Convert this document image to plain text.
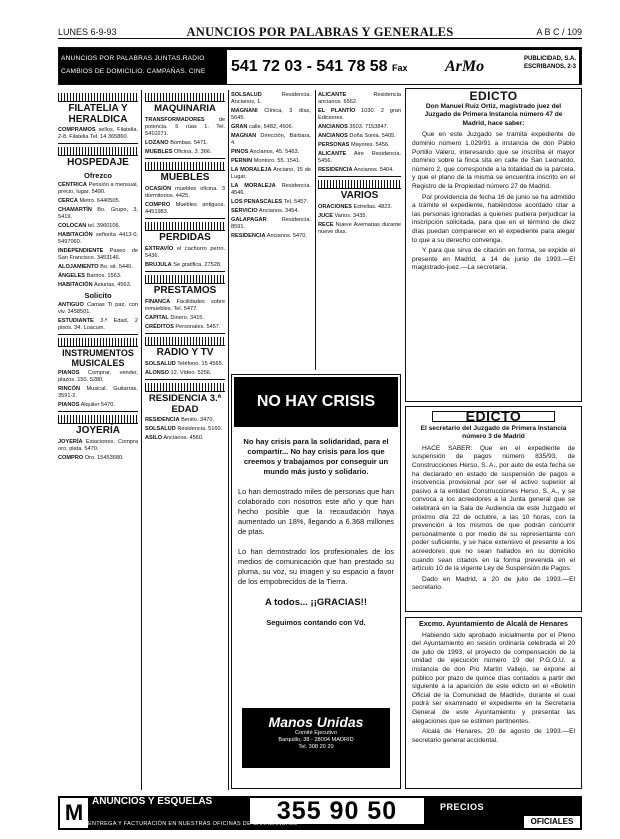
LUNES 6-9-93	ANUNCIOS POR PALABRAS Y GENERALES	A B C / 109
ANUNCIOS POR PALABRAS JUNTAS.RADIO
CAMBIOS DE DOMICILIO. CAMPAÑAS. CINE	541 72 03 - 541 78 58 Fax	ArMo	PUBLICIDAD, S.A. ESCRIBANOS, 2-3
FILATELIA Y HERALDICA
COMPRAMOS sellos, Filatelia. 2-8. Filatelia Tel. 14 365860.
HOSPEDAJE
Ofrezco
CÉNTRICA Pensión a mensual, precio, lugar. 5490.
CERCA Metro. 6440505.
CHAMARTÍN Bo. Grupo, 3, 5419.
COLOCAN tel. 3960106.
HABITACIÓN señorita 4413-0, 5497060.
INDEPENDIENTE Paseo de San Francisco. 3453146.
ALOJAMIENTO Bo. sit. 5440.
ÁNGELES Barrios. 1563.
HABITACIÓN Asturias, 4563.
Solicito
ANTIGUO Camas Ti paz, con viv. 3458501.
ESTUDIANTE 3.ª Edad, 2 pisos. 34. Loacum.
INSTRUMENTOS MUSICALES
PIANOS Comprar, vender, plazos. 150. 5280.
RINCÓN Musical. Guitarras. 3591-2.
PIANOS Alquiler 5470.
JOYERÍA
JOYERÍA Estaciones. Compra oro, plata. 5470.
COMPRO Oro. 15453680.
MAQUINARIA
TRANSFORMADORES	de potencia. 5 rúas 1. Tel. 5410271.
LOZANO Bombas. 5471.
MUEBLES Oficina. 3. 366.
MUEBLES
OCASIÓN muebles oficina. 3 dormitorios. 4425.
COMPRO Muebles antiguos. 4451983.
PERDIDAS
EXTRAVÍO el cachorro perro. 5436.
BRUJULA Se gratifica. 27528.
PRESTAMOS
FINANCA Facilidades sobre inmuebles. Tel. 5477.
CAPITAL Dinero. 3415.
CRÉDITOS Personales. 5457.
RADIO Y TV
SOLSALUD Teléfono. 15 4565.
ALONSO 12. Vídeo. 5256.
RESIDENCIA 3.ª EDAD
RESIDENCIA Benito. 3470.
SOLSALUD Residencia. 5160.
ASILO Ancianos. 4560.
SOLSALUD	Residencia. Ancianos, 1.
MAGNANI Clínica, 3 días, 5645.
GRAN calle, 5482, 4506.
MAGNAN Dirección, Bárbara, 4.
PINOS Ancianos, 45. 5463.
PERNIN Montoro. 55. 1541.
LA MORALEJA Anciano, 15 de Lugar.
LA MORALEJA Residencia. 4546.
LOS PENASCALES Tel. 5457.
SERVICIO Ancianos. 3454.
GALAPAGAR	Residencia. 8591.
RESIDENCIA Ancianos. 5470.
ALICANTE	Residencia ancianos. 6562.
EL PLANTÍO 1030. 2 gran Ediciones.
ANCIANOS 3503. 7153847.
ANCIANOS Doña Sonia. 5405.
PERSONAS Mayores. 5456.
ALICANTE Aire Residencia. 5456.
RESIDENCIA Ancianos. 5404.
VARIOS
ORACIONES Estrellas. 4823.
JUCE Varios. 3435.
RECE Nueve Avemarias durante nueve días.
NO HAY CRISIS
No hay crisis para la solidaridad, para el compartir... No hay crisis para los que creemos y trabajamos por conseguir un mundo más justo y solidario.
Lo han demostrado miles de personas que han colaborado con nosotros este año y que han hecho posible que la recaudación haya aumentado un 18%, llegando a 6.368 millones de ptas.
Lo han demostrado los profesionales de los medios de comunicación que han prestado su pluma, su voz, su imagen y su espacio a favor de los empobrecidos de la Tierra.
A todos... ¡¡GRACIAS!!
Seguimos contando con Vd.
Manos Unidas
Comité Ejecutivo
Barquillo, 38 - 28004 MADRID
Tel. 308 20 20
EDICTO
Don Manuel Ruiz Ortiz, magistrado juez del Juzgado de Primera Instancia número 47 de Madrid, hace saber:

Que en este Juzgado se tramita expediente de dominio número 1.029/91 a instancia de don Pablo Portillo Valero, interesando que se inscriba el mayor dominio sobre la finca sita en calle de San Leonardo, número 2, que corresponde a la totalidad de la parcela, y que el plano de la misma se encuentra inscrito en el Registro de la Propiedad número 27 de Madrid.

Por providencia de fecha 16 de junio se ha admitido a trámite el expediente, habiéndose acordado citar a las personas ignoradas a quienes pudiera perjudicar la inscripción solicitada, para que en el término de diez días puedan comparecer en el expediente para alegar lo que a su derecho convenga.

Y para que sirva de citación en forma, se expide el presente en Madrid, a 14 de junio de 1993.—El magistrado-juez.—La secretaria.

EDICTO
El secretario del Juzgado de Primera Instancia número 3 de Madrid

HACE SABER: Que en el expediente de suspensión de pagos número 835/93, de Construcciones Herso, S. A., por auto de esta fecha se ha declarado en estado de suspensión de pagos e insolvencia provisional por ser el activo superior al pasivo a la entidad Construcciones Herso, S. A., y se convoca a los acreedores a la Junta general que se celebrará en la Sala de Audiencia de este Juzgado el próximo día 22 de octubre, a las 10 horas, con la prevención a los mismos de que podrán concurrir personalmente o por medio de su representante con poder suficiente, y se hace extensivo el presente a los acreedores que no sean hallados en su domicilio cuando sean citados en la forma prevenida en el artículo 10 de la vigente Ley de Suspensión de Pagos.

Dado en Madrid, a 20 de julio de 1993.—El secretario.

Excmo. Ayuntamiento de Alcalá de Henares

Habiendo sido aprobado inicialmente por el Pleno del Ayuntamiento en sesión ordinaria celebrada el 20 de julio de 1993, el proyecto de compensación de la unidad de ejecución número 19 del P.G.O.U. a instancia de don Pío Martín Vallejo, se expone al público por plazo de quince días contados a partir del siguiente a la aparición de este edicto en el «Boletín Oficial de la Comunidad de Madrid», durante el cual podrá ser examinado el expediente en la Secretaría General de este Ayuntamiento y presentar las alegaciones que se estimen pertinentes.

Alcalá de Henares, 20 de agosto de 1993.—El secretario general accidental.

M ANUNCIOS Y ESQUELAS	355 90 50
ENTREGA Y FACTURACIÓN EN NUESTRAS OFICINAS DE CARABANCHEL
PRECIOS
OFICIALES
